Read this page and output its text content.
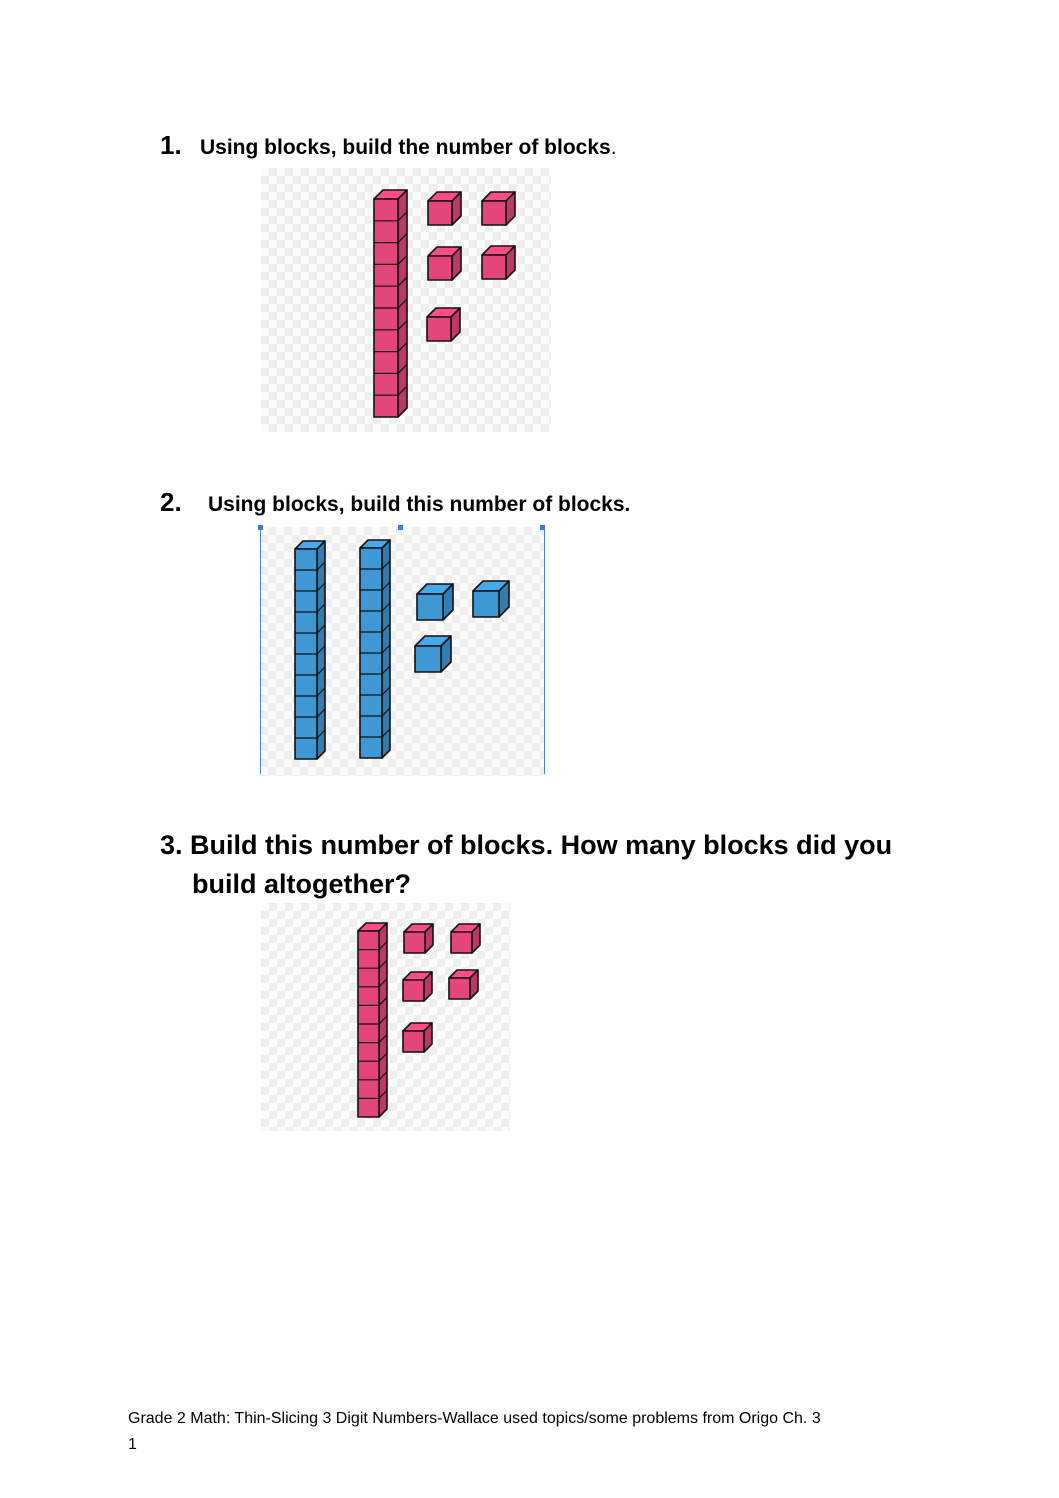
1. Using blocks, build the number of blocks.
2. Using blocks, build this number of blocks.
3. Build this number of blocks. How many blocks did you build altogether?
Grade 2 Math: Thin-Slicing 3 Digit Numbers-Wallace used topics/some problems from Origo Ch. 3
1
